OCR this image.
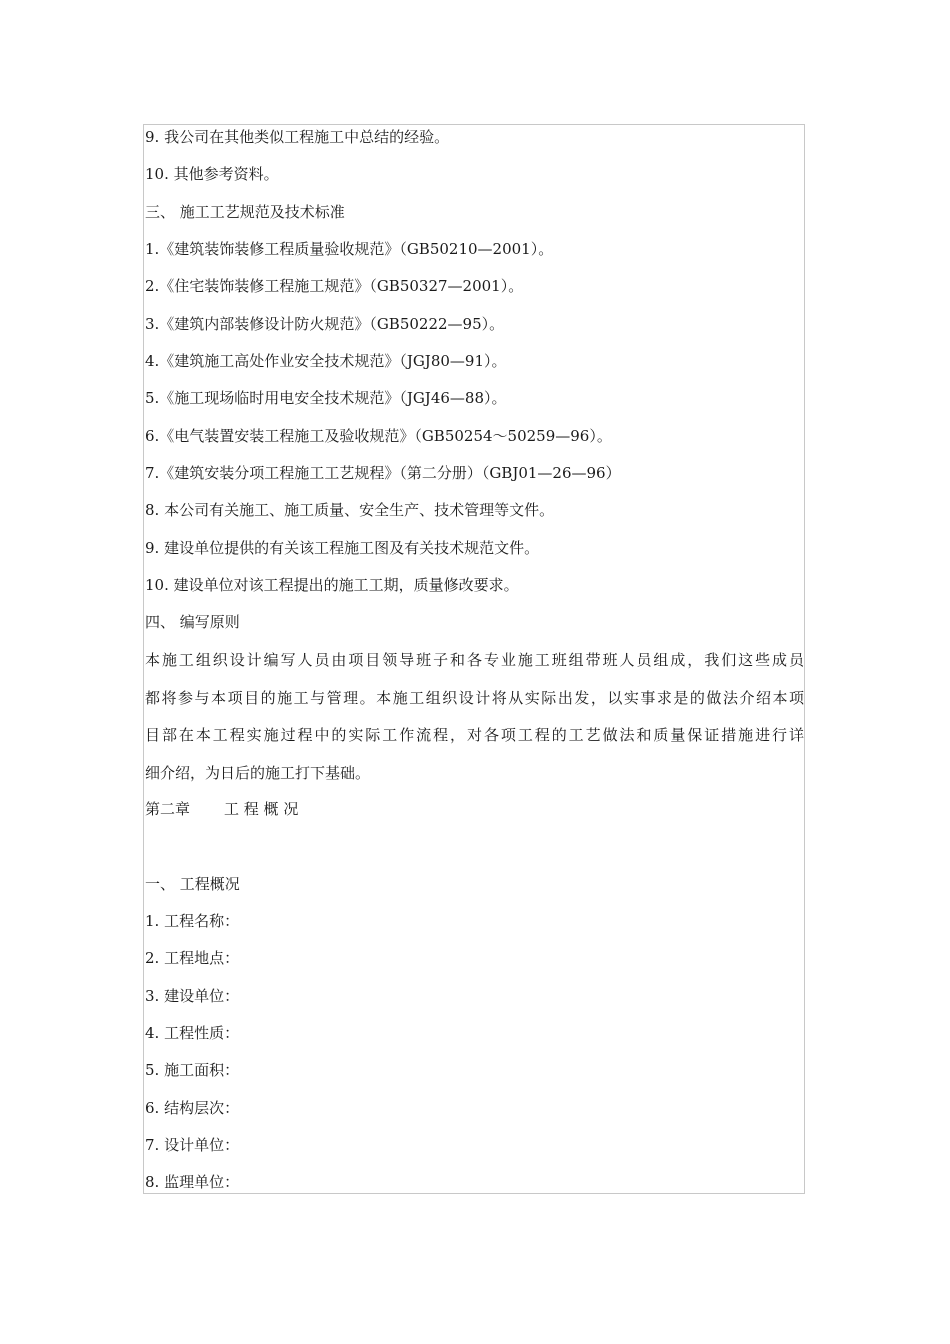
9. 我公司在其他类似工程施工中总结的经验。
10. 其他参考资料。
三、 施工工艺规范及技术标准
1.《建筑装饰装修工程质量验收规范》（GB50210—2001）。
2.《住宅装饰装修工程施工规范》（GB50327—2001）。
3.《建筑内部装修设计防火规范》（GB50222—95）。
4.《建筑施工高处作业安全技术规范》（JGJ80—91）。
5.《施工现场临时用电安全技术规范》（JGJ46—88）。
6.《电气装置安装工程施工及验收规范》（GB50254～50259—96）。
7.《建筑安装分项工程施工工艺规程》（第二分册）（GBJ01—26—96）
8. 本公司有关施工、施工质量、安全生产、技术管理等文件。
9. 建设单位提供的有关该工程施工图及有关技术规范文件。
10. 建设单位对该工程提出的施工工期，质量修改要求。
四、 编写原则
本施工组织设计编写人员由项目领导班子和各专业施工班组带班人员组成，我们这些成员
都将参与本项目的施工与管理。本施工组织设计将从实际出发，以实事求是的做法介绍本项
目部在本工程实施过程中的实际工作流程，对各项工程的工艺做法和质量保证措施进行详
细介绍，为日后的施工打下基础。
第二章 工 程 概 况
一、 工程概况
1. 工程名称：
2. 工程地点：
3. 建设单位：
4. 工程性质：
5. 施工面积：
6. 结构层次：
7. 设计单位：
8. 监理单位：
